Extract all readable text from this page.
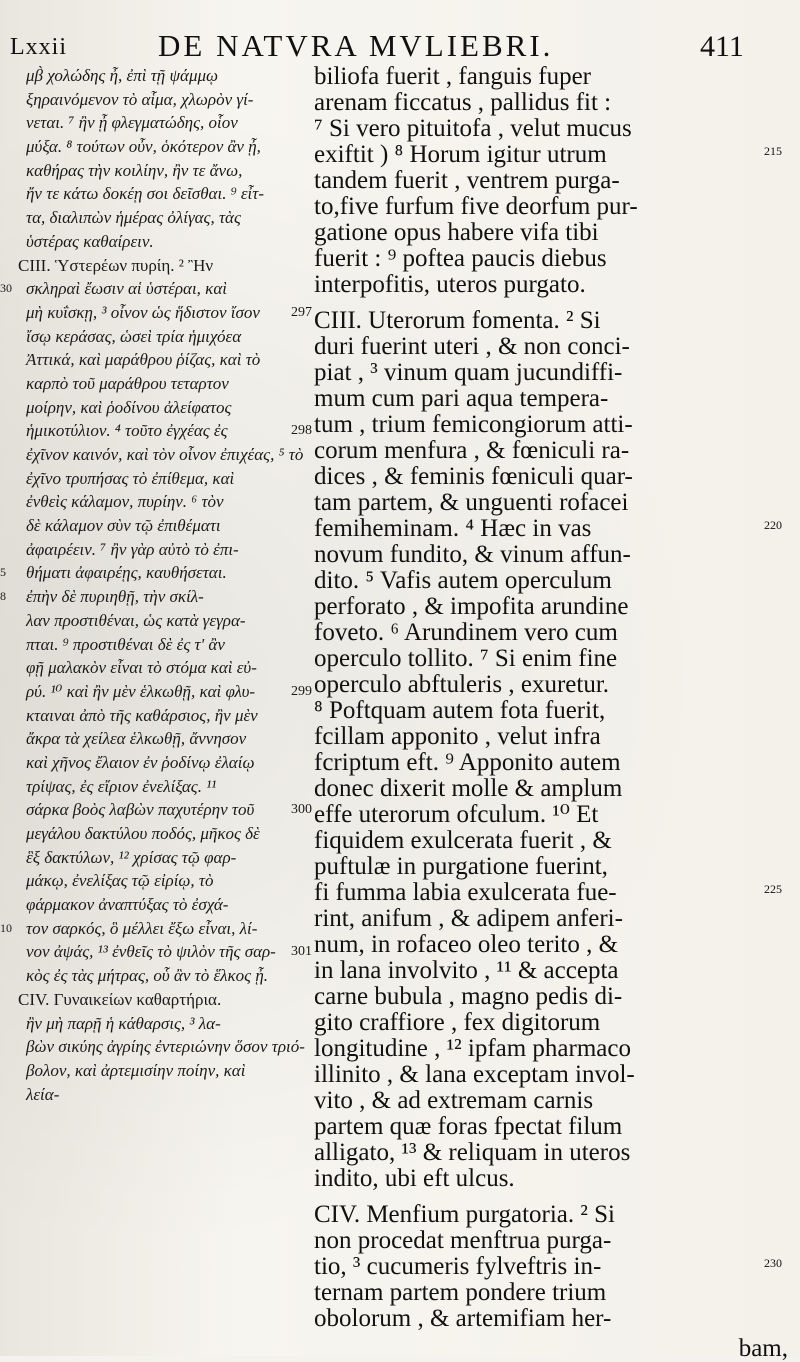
Lxxii	DE NATVRA MVLIEBRI.	411
μβ̀ χολώδης ἦ, ἐπὶ τῇ ψάμμῳ
ξηραινόμενον τὸ αἷμα, χλωρὸν γί-
νεται. ⁷ ἢν ᾖ φλεγματώδης, οἷον
μύξα. ⁸ τούτων οὖν, ὁκότερον ἂν ᾖ,
καθήρας τὴν κοιλίην, ἢν τε ἄνω,
ἤν τε κάτω δοκέῃ σοι δεῖσθαι. ⁹ εἶτ-
τα, διαλιπὼν ἡμέρας ὀλίγας, τὰς
ὑστέρας καθαίρειν.
CIII. Ὑστερέων πυρίη. ² Ἢν
30 σκληραὶ ἔωσιν αἱ ὑστέραι, καὶ
μὴ κυΐσκῃ, ³ οἶνον ὡς ἥδιστον ἴσον 297
ἴσῳ κεράσας, ὡσεὶ τρία ἡμιχόεα
Ἀττικά, καὶ μαράθρου ῥίζας, καὶ τὸ
καρπὸ τοῦ μαράθρου τεταρτον
μοίρην, καὶ ῥοδίνου ἀλείφατος
ἡμικοτύλιον. ⁴ τοῦτο ἐγχέας ἐς	298
ἐχῖνον καινόν, καὶ τὸν οἶνον ἐπιχέας, ⁵ τὸ
ἐχῖνο τρυπήσας τὸ ἐπίθεμα, καὶ
ἐνθεὶς κάλαμον, πυρίην. ⁶ τὸν
δὲ κάλαμον σὺν τῷ ἐπιθέματι
ἀφαιρέειν. ⁷ ἢν γὰρ αὐτὸ τὸ ἐπι-
5 θήματι ἀφαιρέῃς, καυθήσεται.
8 ἐπὴν δὲ πυριηθῇ, τὴν σκίλ-
λαν προστιθέναι, ὡς κατὰ γεγρα-
πται. ⁹ προστιθέναι δὲ ἐς τ' ἂν
φῇ μαλακὸν εἶναι τὸ στόμα καὶ εὐ-
ρύ. ¹⁰ καὶ ἢν μὲν ἑλκωθῇ, καὶ φλυ-	299
κταιναι ἀπὸ τῆς καθάρσιος, ἢν μὲν
ἄκρα τὰ χείλεα ἑλκωθῇ, ἄννησον
καὶ χῆνος ἔλαιον ἐν ῥοδίνῳ ἐλαίῳ
τρίψας, ἐς εἴριον ἐνελίξας. ¹¹
σάρκα βοὸς λαβὼν παχυτέρην τοῦ	300
μεγάλου δακτύλου ποδός, μῆκος δὲ
ἓξ δακτύλων, ¹² χρίσας τῷ φαρ-
μάκῳ, ἐνελίξας τῷ εἰρίῳ, τὸ
φάρμακον ἀναπτύξας τὸ ἐσχά-
10 τον σαρκός, ὃ μέλλει ἔξω εἶναι, λί-
νον ἀψάς, ¹³ ἐνθεῖς τὸ ψιλὸν τῆς σαρ- 301
κὸς ἐς τὰς μήτρας, οὗ ἂν τὸ ἕλκος ᾖ.
CIV. Γυναικείων καθαρτήρια.
ἢν μὴ παρῇ ἡ κάθαρσις, ³ λα-
βὼν σικύης ἀγρίης ἐντεριώνην ὅσον τριό-
βολον, καὶ ἀρτεμισίην ποίην, καὶ
λεία-
biliofa fuerit , fanguis fuper
arenam ficcatus , pallidus fit :
⁷ Si vero pituitofa , velut mucus
exiftit ) ⁸ Horum igitur utrum	215
tandem fuerit , ventrem purga-
to,five furfum five deorfum pur-
gatione opus habere vifa tibi
fuerit : ⁹ poftea paucis diebus
interpofitis, uteros purgato.
CIII. Uterorum fomenta. ² Si
duri fuerint uteri , & non conci-
piat , ³ vinum quam jucundiffi-
mum cum pari aqua tempera-
tum , trium femicongiorum atti-
corum menfura , & fœniculi ra-
dices , & feminis fœniculi quar-
tam partem, & unguenti rofacei
femiheminam. ⁴ Hæc in vas	220
novum fundito, & vinum affun-
dito. ⁵ Vafis autem operculum
perforato , & impofita arundine
foveto. ⁶ Arundinem vero cum
operculo tollito. ⁷ Si enim fine
operculo abftuleris , exuretur.
⁸ Poftquam autem fota fuerit,
fcillam apponito , velut infra
fcriptum eft. ⁹ Apponito autem
donec dixerit molle & amplum
effe uterorum ofculum. ¹⁰ Et
fiquidem exulcerata fuerit , &
puftulæ in purgatione fuerint,
fi fumma labia exulcerata fue-	225
rint, anifum , & adipem anferi-
num, in rofaceo oleo terito , &
in lana involvito , ¹¹ & accepta
carne bubula , magno pedis di-
gito craffiore , fex digitorum
longitudine , ¹² ipfam pharmaco
illinito , & lana exceptam invol-
vito , & ad extremam carnis
partem quæ foras fpectat filum
alligato, ¹³ & reliquam in uteros
indito, ubi eft ulcus.
CIV. Menfium purgatoria. ² Si
non procedat menftrua purga-
tio, ³ cucumeris fylveftris in-	230
ternam partem pondere trium
obolorum , & artemifiam her-
bam,
